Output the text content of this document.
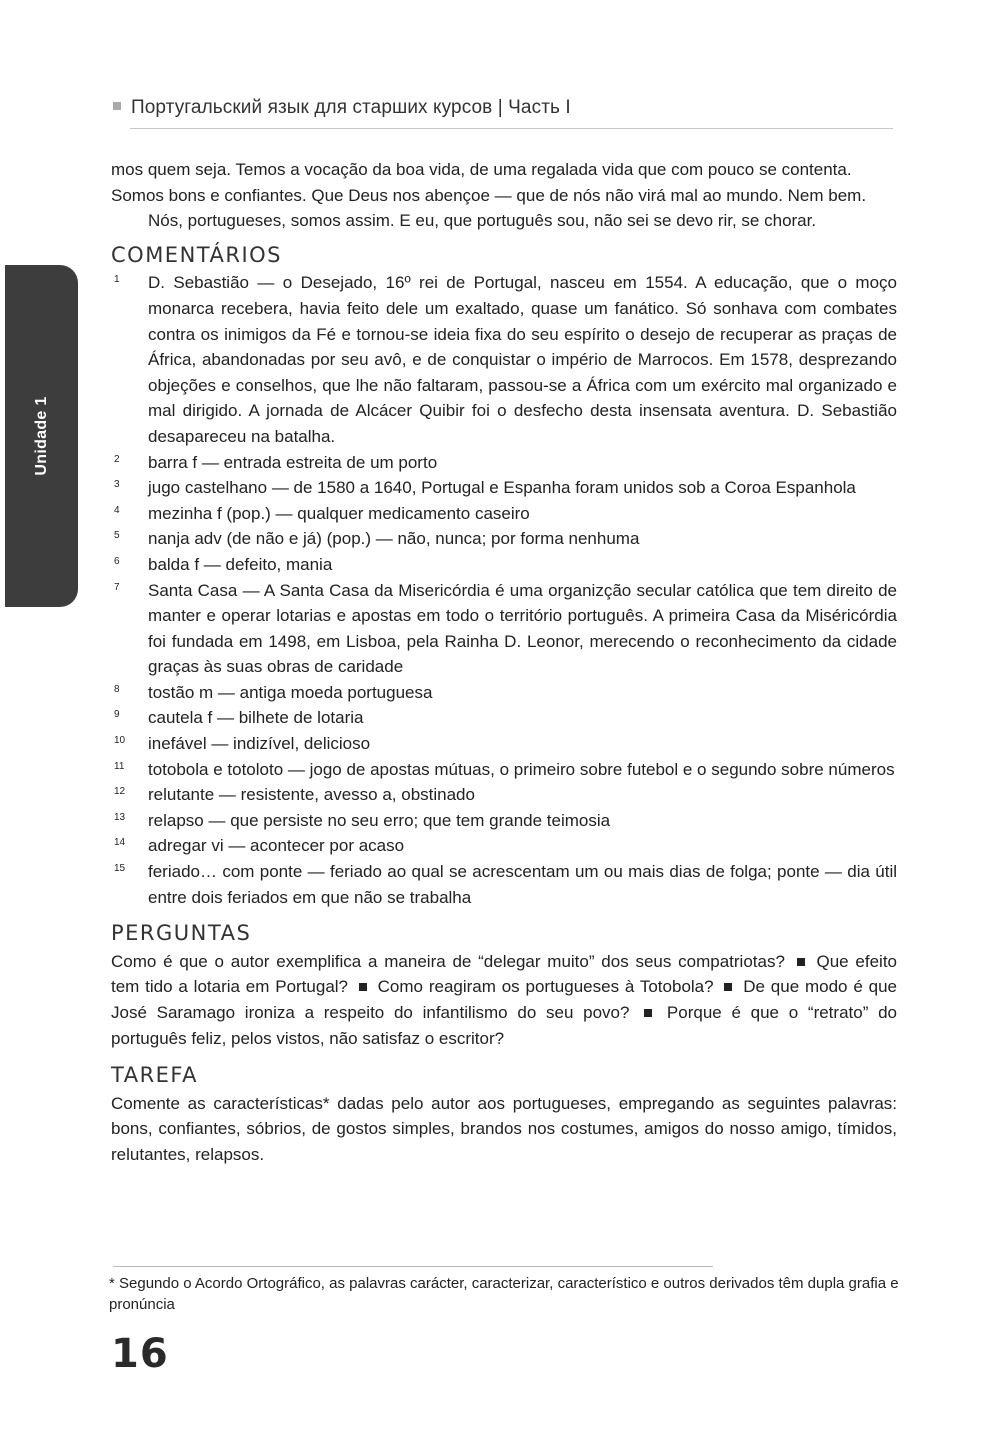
Португальский язык для старших курсов | Часть I
Unidade 1

mos quem seja. Temos a vocação da boa vida, de uma regalada vida que com pouco se contenta.

Somos bons e confiantes. Que Deus nos abençoe — que de nós não virá mal ao mundo. Nem bem.

Nós, portugueses, somos assim. E eu, que português sou, não sei se devo rir, se chorar.

COMENTÁRIOS
1	D. Sebastião — o Desejado, 16º rei de Portugal, nasceu em 1554. A educação, que o moço monarca recebera, havia feito dele um exaltado, quase um fanático. Só sonhava com combates contra os inimigos da Fé e tornou-se ideia fixa do seu espírito o desejo de recuperar as praças de África, abandonadas por seu avô, e de conquistar o império de Marrocos. Em 1578, desprezando objeções e conselhos, que lhe não faltaram, passou-se a África com um exército mal organizado e mal dirigido. A jornada de Alcácer Quibir foi o desfecho desta insensata aventura. D. Sebastião desapareceu na batalha.
2	barra f — entrada estreita de um porto
3	jugo castelhano — de 1580 a 1640, Portugal e Espanha foram unidos sob a Coroa Espanhola
4	mezinha f (pop.) — qualquer medicamento caseiro
5	nanja adv (de não e já) (pop.) — não, nunca; por forma nenhuma
6	balda f — defeito, mania
7	Santa Casa — A Santa Casa da Misericórdia é uma organizção secular católica que tem direito de manter e operar lotarias e apostas em todo o território português. A primeira Casa da Miséricórdia foi fundada em 1498, em Lisboa, pela Rainha D. Leonor, merecendo o reconhecimento da cidade graças às suas obras de caridade
8	tostão m — antiga moeda portuguesa
9	cautela f — bilhete de lotaria
10	inefável — indizível, delicioso
11	totobola e totoloto — jogo de apostas mútuas, o primeiro sobre futebol e o segundo sobre números
12	relutante — resistente, avesso a, obstinado
13	relapso — que persiste no seu erro; que tem grande teimosia
14	adregar vi — acontecer por acaso
15	feriado… com ponte — feriado ao qual se acrescentam um ou mais dias de folga; ponte — dia útil entre dois feriados em que não se trabalha
PERGUNTAS

Como é que o autor exemplifica a maneira de “delegar muito” dos seus compatriotas? Que efeito tem tido a lotaria em Portugal? Como reagiram os portugueses à Totobola? De que modo é que José Saramago ironiza a respeito do infantilismo do seu povo? Porque é que o “retrato” do português feliz, pelos vistos, não satisfaz o escritor?

TAREFA

Comente as características* dadas pelo autor aos portugueses, empregando as seguintes palavras: bons, confiantes, sóbrios, de gostos simples, brandos nos costumes, amigos do nosso amigo, tímidos, relutantes, relapsos.

* Segundo o Acordo Ortográfico, as palavras carácter, caracterizar, característico e outros derivados têm dupla grafia e pronúncia
16
